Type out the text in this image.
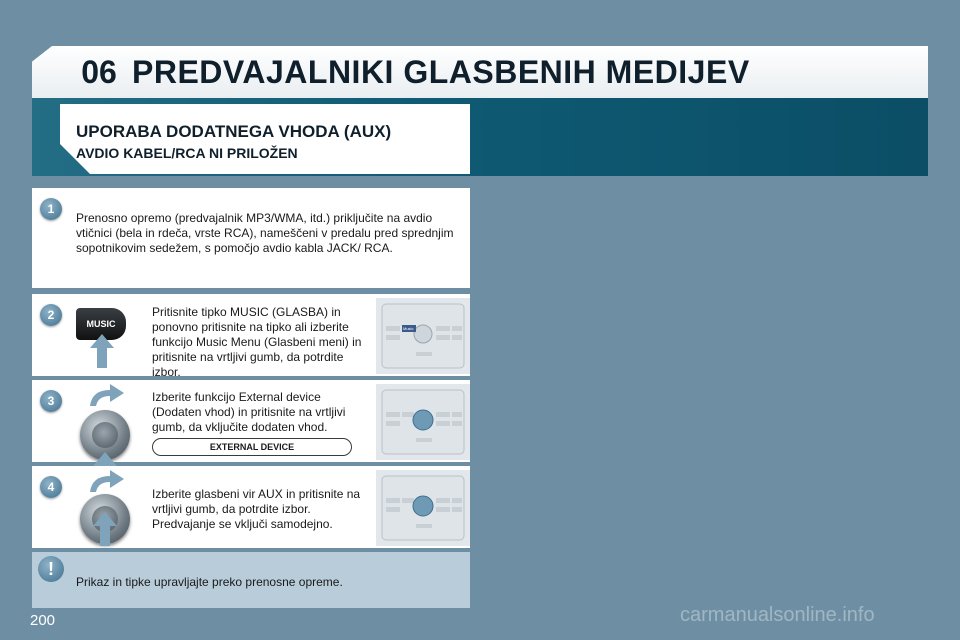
06 PREDVAJALNIKI GLASBENIH MEDIJEV
UPORABA DODATNEGA VHODA (AUX)
AVDIO KABEL/RCA NI PRILOŽEN
1
Prenosno opremo (predvajalnik MP3/WMA, itd.) priključite na avdio vtičnici (bela in rdeča, vrste RCA), nameščeni v predalu pred sprednjim sopotnikovim sedežem, s pomočjo avdio kabla JACK/ RCA.
2
MUSIC
Pritisnite tipko MUSIC (GLASBA) in ponovno pritisnite na tipko ali izberite funkcijo Music Menu (Glasbeni meni) in pritisnite na vrtljivi gumb, da potrdite izbor.
Music
3	Izberite funkcijo External device (Dodaten vhod) in pritisnite na vrtljivi gumb, da vključite dodaten vhod.
EXTERNAL DEVICE
4	Izberite glasbeni vir AUX in pritisnite na vrtljivi gumb, da potrdite izbor. Predvajanje se vključi samodejno.
!
Prikaz in tipke upravljajte preko prenosne opreme.
200	carmanualsonline.info
